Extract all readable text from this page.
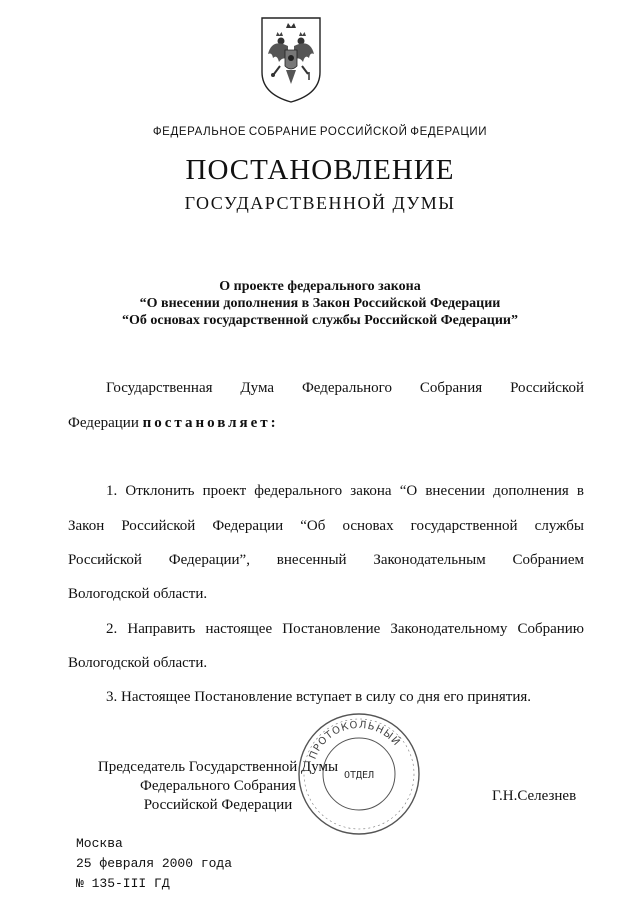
ФЕДЕРАЛЬНОЕ СОБРАНИЕ РОССИЙСКОЙ ФЕДЕРАЦИИ
ПОСТАНОВЛЕНИЕ
ГОСУДАРСТВЕННОЙ ДУМЫ
О проекте федерального закона
“О внесении дополнения в Закон Российской Федерации
“Об основах государственной службы Российской Федерации”
Государственная Дума Федерального Собрания Российской
Федерации постановляет:
1. Отклонить проект федерального закона “О внесении дополнения в
Закон Российской Федерации “Об основах государственной службы
Российской Федерации”, внесенный Законодательным Собранием
Вологодской области.
2. Направить настоящее Постановление Законодательному Собранию
Вологодской области.
3. Настоящее Постановление вступает в силу со дня его принятия.
ПРОТОКОЛЬНЫЙ
ОТДЕЛ
Председатель Государственной Думы
Федерального Собрания
Российской Федерации
Г.Н.Селезнев
Москва
25 февраля 2000 года
№ 135-III ГД
